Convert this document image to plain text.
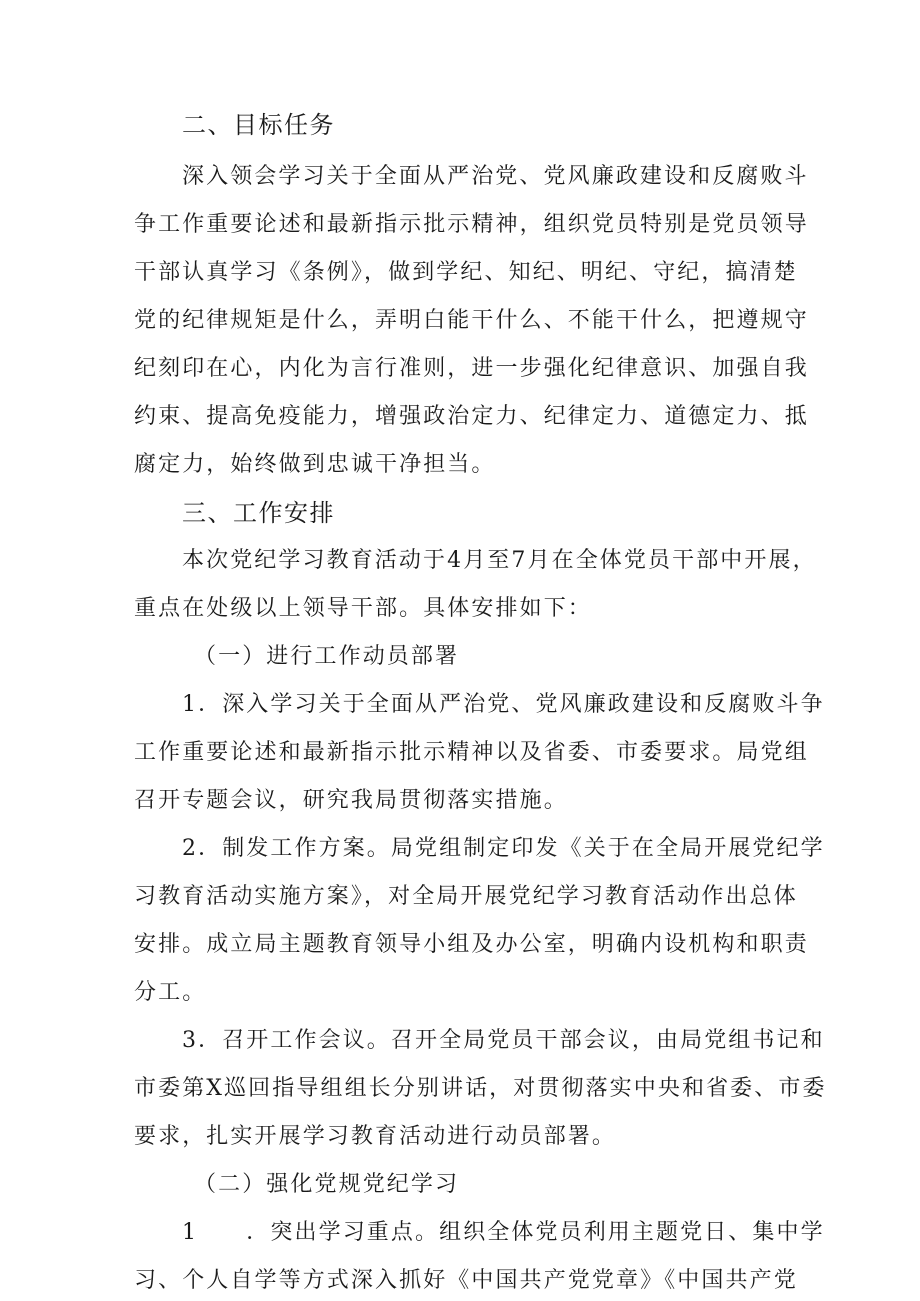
二、目标任务

深入领会学习关于全面从严治党、党风廉政建设和反腐败斗

争工作重要论述和最新指示批示精神，组织党员特别是党员领导

干部认真学习《条例》，做到学纪、知纪、明纪、守纪，搞清楚

党的纪律规矩是什么，弄明白能干什么、不能干什么，把遵规守

纪刻印在心，内化为言行准则，进一步强化纪律意识、加强自我

约束、提高免疫能力，增强政治定力、纪律定力、道德定力、抵

腐定力，始终做到忠诚干净担当。

三、工作安排

本次党纪学习教育活动于4月至7月在全体党员干部中开展，

重点在处级以上领导干部。具体安排如下：

（一）进行工作动员部署

1．深入学习关于全面从严治党、党风廉政建设和反腐败斗争

工作重要论述和最新指示批示精神以及省委、市委要求。局党组

召开专题会议，研究我局贯彻落实措施。

2．制发工作方案。局党组制定印发《关于在全局开展党纪学

习教育活动实施方案》，对全局开展党纪学习教育活动作出总体

安排。成立局主题教育领导小组及办公室，明确内设机构和职责

分工。

3．召开工作会议。召开全局党员干部会议，由局党组书记和

市委第X巡回指导组组长分别讲话，对贯彻落实中央和省委、市委

要求，扎实开展学习教育活动进行动员部署。

（二）强化党规党纪学习

1　　．突出学习重点。组织全体党员利用主题党日、集中学

习、个人自学等方式深入抓好《中国共产党党章》《中国共产党
